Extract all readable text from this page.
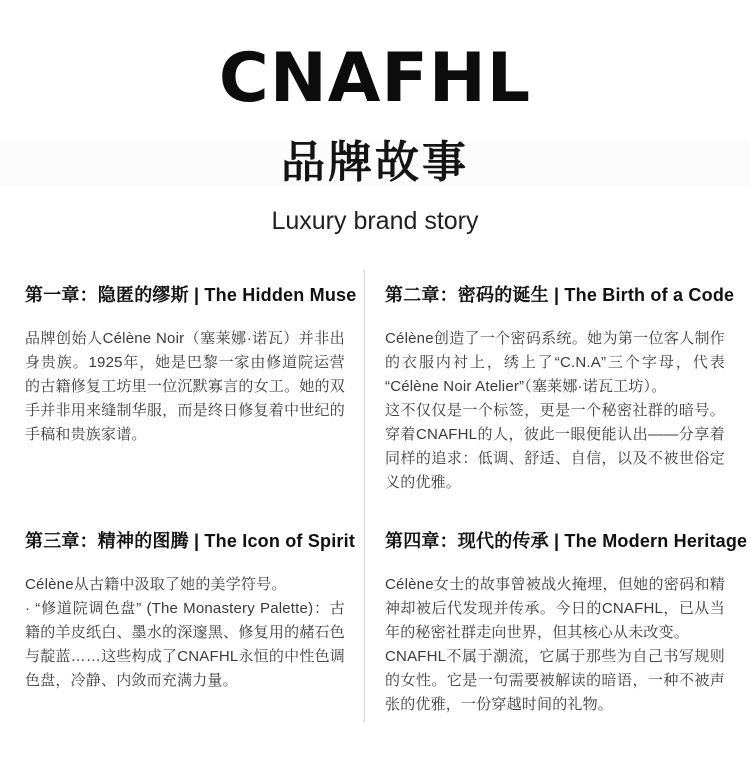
CNAFHL
品牌故事
Luxury brand story
第一章：隐匿的缪斯 | The Hidden Muse

品牌创始人Célène Noir（塞莱娜·诺瓦）并非出身贵族。1925年，她是巴黎一家由修道院运营的古籍修复工坊里一位沉默寡言的女工。她的双手并非用来缝制华服，而是终日修复着中世纪的手稿和贵族家谱。

第二章：密码的诞生 | The Birth of a Code

Célène创造了一个密码系统。她为第一位客人制作的衣服内衬上，绣上了“C.N.A”三个字母，代表“Célène Noir Atelier”（塞莱娜·诺瓦工坊）。

这不仅仅是一个标签，更是一个秘密社群的暗号。穿着CNAFHL的人，彼此一眼便能认出——分享着同样的追求：低调、舒适、自信，以及不被世俗定义的优雅。

第三章：精神的图腾 | The Icon of Spirit

Célène从古籍中汲取了她的美学符号。

· “修道院调色盘” (The Monastery Palette)：古籍的羊皮纸白、墨水的深邃黑、修复用的赭石色与靛蓝……这些构成了CNAFHL永恒的中性色调色盘，冷静、内敛而充满力量。

第四章：现代的传承 | The Modern Heritage

Célène女士的故事曾被战火掩埋，但她的密码和精神却被后代发现并传承。今日的CNAFHL，已从当年的秘密社群走向世界，但其核心从未改变。

CNAFHL不属于潮流，它属于那些为自己书写规则的女性。它是一句需要被解读的暗语，一种不被声张的优雅，一份穿越时间的礼物。
